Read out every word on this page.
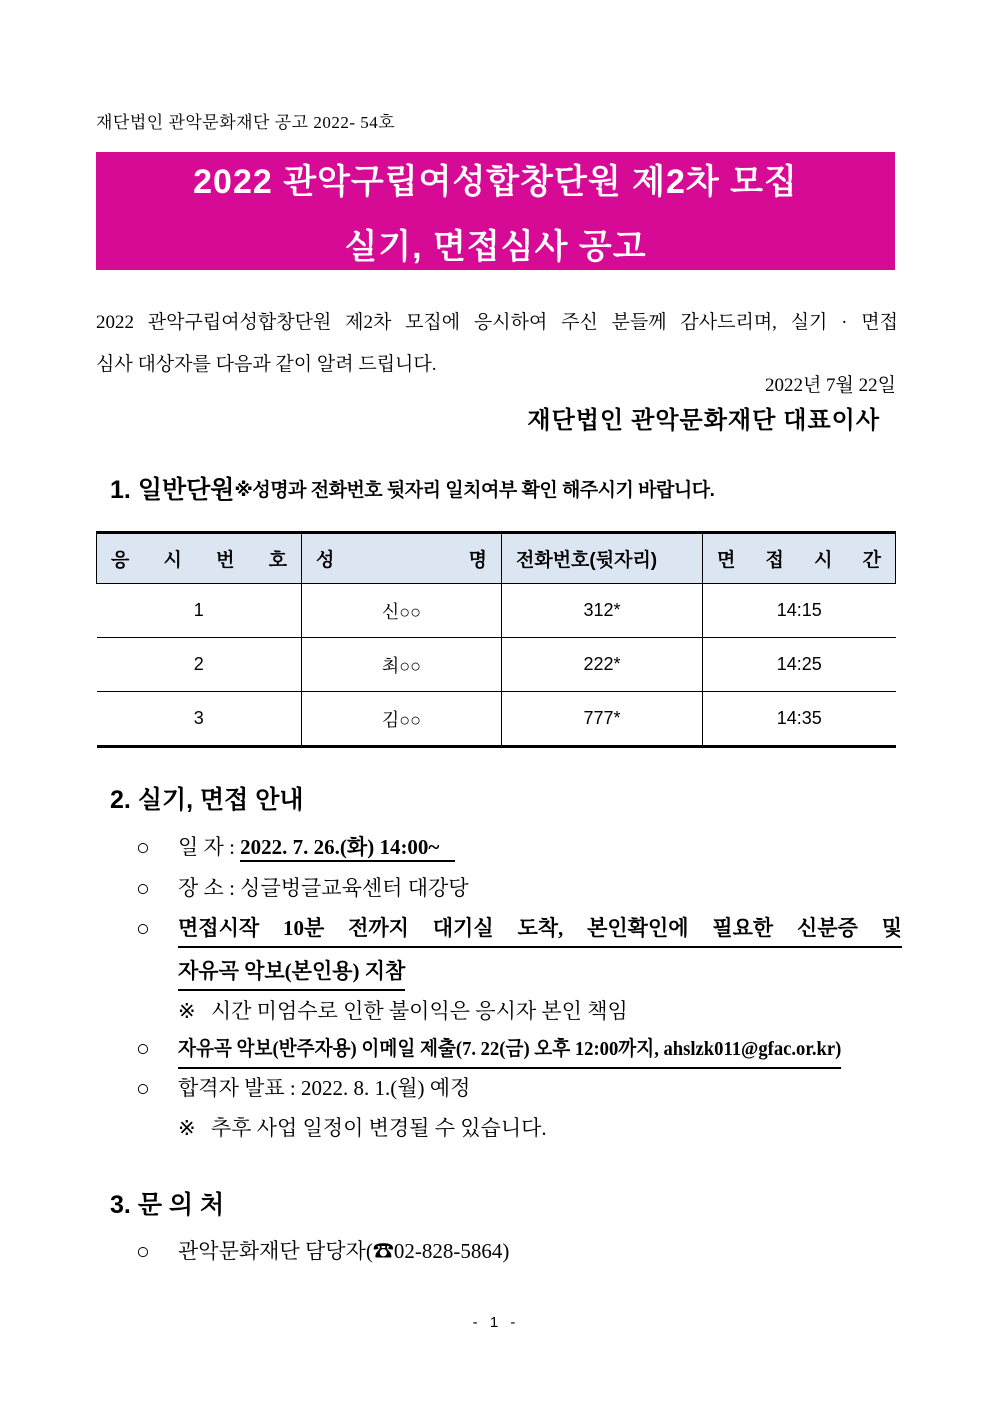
재단법인 관악문화재단 공고 2022- 54호
2022 관악구립여성합창단원 제2차 모집
실기, 면접심사 공고
2022 관악구립여성합창단원 제2차 모집에 응시하여 주신 분들께 감사드리며, 실기 · 면접
심사 대상자를 다음과 같이 알려 드립니다.
2022년 7월 22일
재단법인 관악문화재단 대표이사
1. 일반단원※성명과 전화번호 뒷자리 일치여부 확인 해주시기 바랍니다.
응 시 번 호	성 명	전화번호(뒷자리)	면 접 시 간
1	신○○	312*	14:15
2	최○○	222*	14:25
3	김○○	777*	14:35
2. 실기, 면접 안내
○ 일 자 : 2022. 7. 26.(화) 14:00~
○ 장 소 : 싱글벙글교육센터 대강당
○ 면접시작 10분 전까지 대기실 도착, 본인확인에 필요한 신분증 및
자유곡 악보(본인용) 지참
※ 시간 미엄수로 인한 불이익은 응시자 본인 책임
○ 자유곡 악보(반주자용) 이메일 제출(7. 22(금) 오후 12:00까지, ahslzk011@gfac.or.kr)
○ 합격자 발표 : 2022. 8. 1.(월) 예정
※ 추후 사업 일정이 변경될 수 있습니다.
3. 문 의 처
○ 관악문화재단 담당자(☎02-828-5864)
- 1 -
